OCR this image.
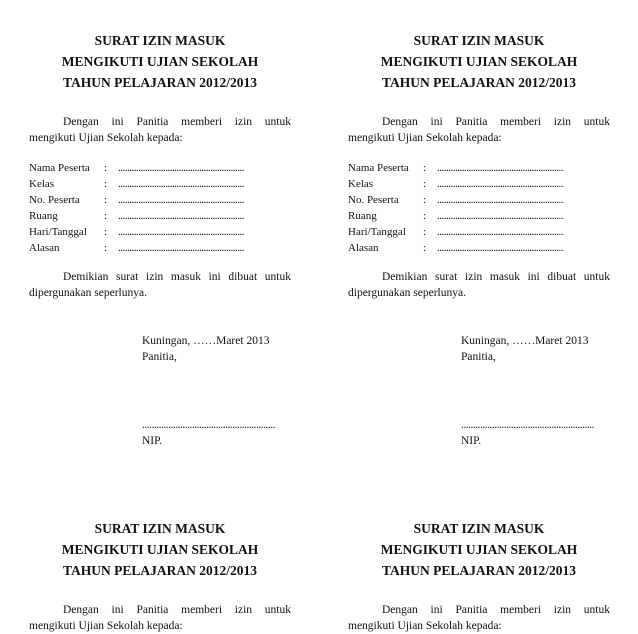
SURAT IZIN MASUK
MENGIKUTI UJIAN SEKOLAH
TAHUN PELAJARAN 2012/2013
Dengan ini Panitia memberi izin untuk
mengikuti Ujian Sekolah kepada:
Nama Peserta	: ........................................................
Kelas	: ........................................................
No. Peserta	: ........................................................
Ruang	: ........................................................
Hari/Tanggal	: ........................................................
Alasan	: ........................................................
Demikian surat izin masuk ini dibuat untuk
dipergunakan seperlunya.
Kuningan, ……Maret 2013
Panitia,
........................................................
NIP.
SURAT IZIN MASUK
MENGIKUTI UJIAN SEKOLAH
TAHUN PELAJARAN 2012/2013
Dengan ini Panitia memberi izin untuk
mengikuti Ujian Sekolah kepada:
Nama Peserta	: ........................................................
Kelas	: ........................................................
No. Peserta	: ........................................................
Ruang	: ........................................................
Hari/Tanggal	: ........................................................
Alasan	: ........................................................
Demikian surat izin masuk ini dibuat untuk
dipergunakan seperlunya.
Kuningan, ……Maret 2013
Panitia,
........................................................
NIP.
SURAT IZIN MASUK
MENGIKUTI UJIAN SEKOLAH
TAHUN PELAJARAN 2012/2013
Dengan ini Panitia memberi izin untuk
mengikuti Ujian Sekolah kepada:
SURAT IZIN MASUK
MENGIKUTI UJIAN SEKOLAH
TAHUN PELAJARAN 2012/2013
Dengan ini Panitia memberi izin untuk
mengikuti Ujian Sekolah kepada:
